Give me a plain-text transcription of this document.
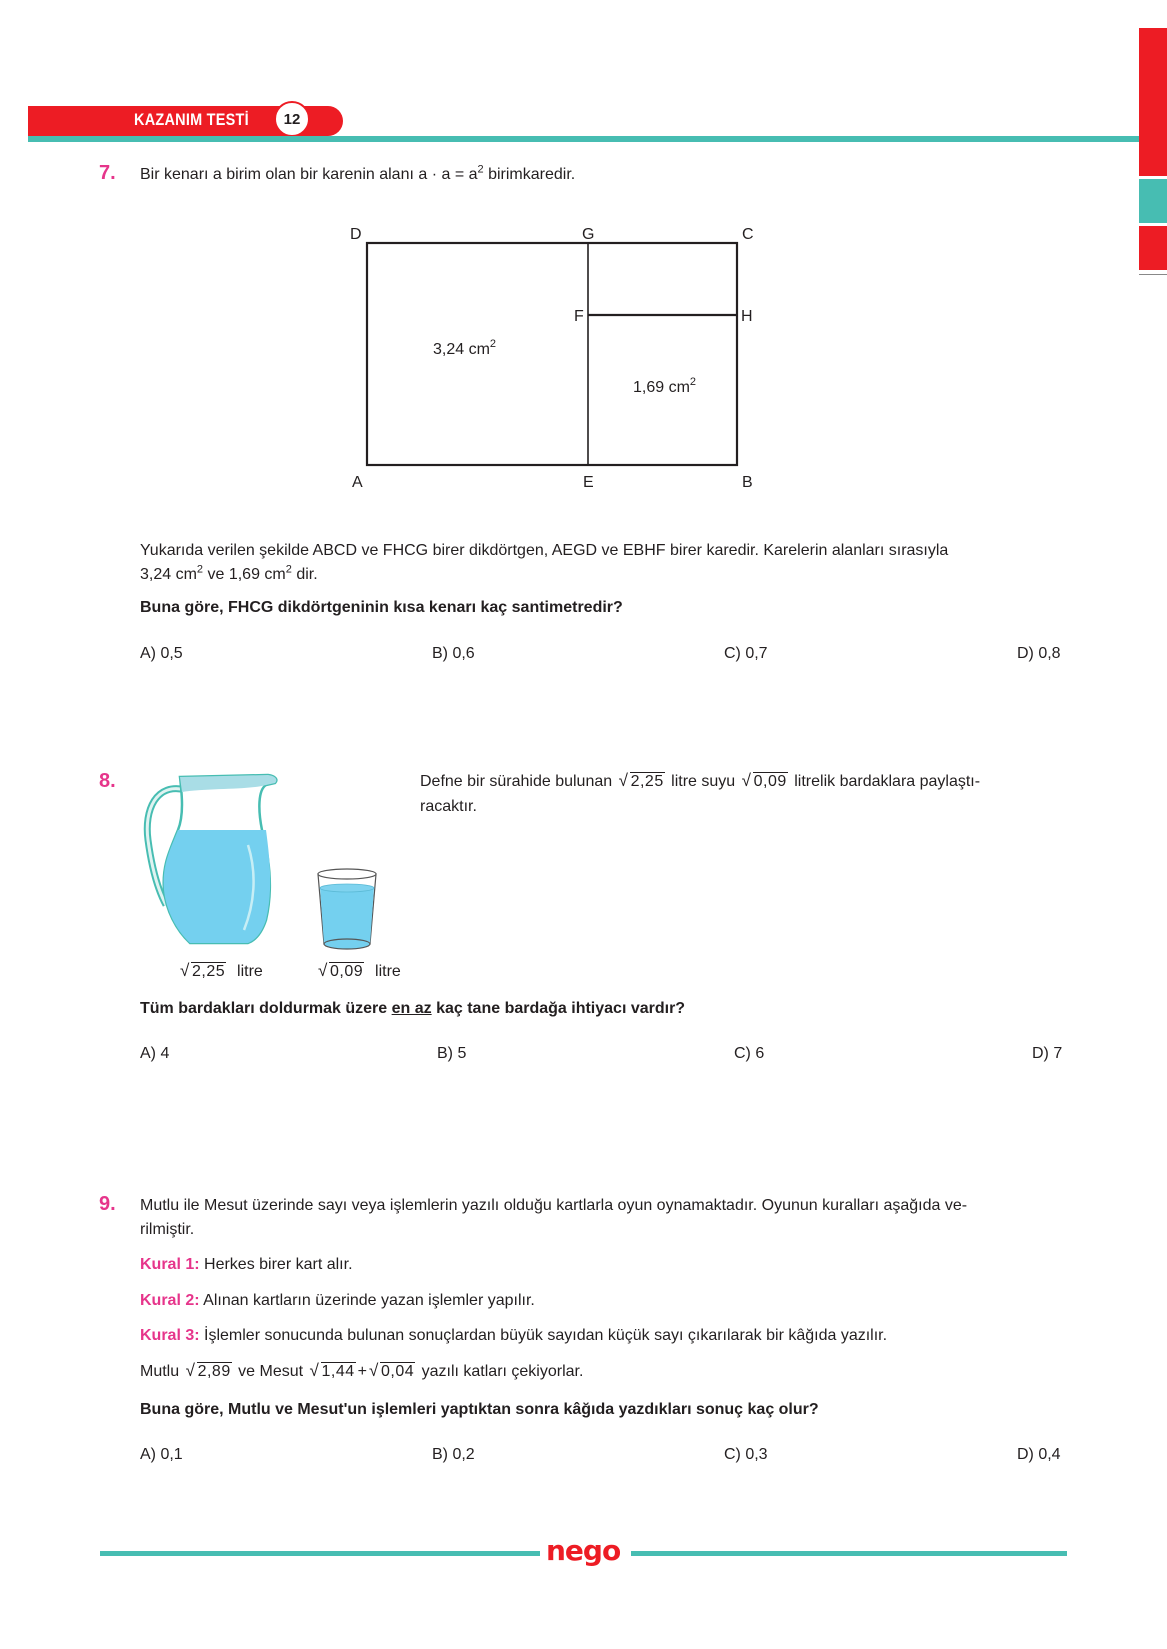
KAZANIM TESTİ 12
7. Bir kenarı a birim olan bir karenin alanı $a \cdot a = a^2$ birimkaredir.
D	G	C
F	H
A	E	B
3,24 $cm^2$
1,69 $cm^2$
Yukarıda verilen şekilde ABCD ve FHCG birer dikdörtgen, AEGD ve EBHF birer karedir. Karelerin alanları sırasıyla
3,24 $cm^2$ ve 1,69 $cm^2$ dir.
Buna göre, FHCG dikdörtgeninin kısa kenarı kaç santimetredir?
A) 0,5	B) 0,6	C) 0,7	D) 0,8
8.
√ 2,25 litre	√ 0,09 litre
Defne bir sürahide bulunan √ 2,25 litre suyu √ 0,09 litrelik bardaklara paylaştı-
racaktır.
Tüm bardakları doldurmak üzere en az kaç tane bardağa ihtiyacı vardır?
A) 4	B) 5	C) 6	D) 7
9. Mutlu ile Mesut üzerinde sayı veya işlemlerin yazılı olduğu kartlarla oyun oynamaktadır. Oyunun kuralları aşağıda ve-
rilmiştir.
Kural 1: Herkes birer kart alır.
Kural 2: Alınan kartların üzerinde yazan işlemler yapılır.
Kural 3: İşlemler sonucunda bulunan sonuçlardan büyük sayıdan küçük sayı çıkarılarak bir kâğıda yazılır.
Mutlu √ 2,89 ve Mesut √ 1,44 + √ 0,04 yazılı katları çekiyorlar.
Buna göre, Mutlu ve Mesut'un işlemleri yaptıktan sonra kâğıda yazdıkları sonuç kaç olur?
A) 0,1	B) 0,2	C) 0,3	D) 0,4
nego
